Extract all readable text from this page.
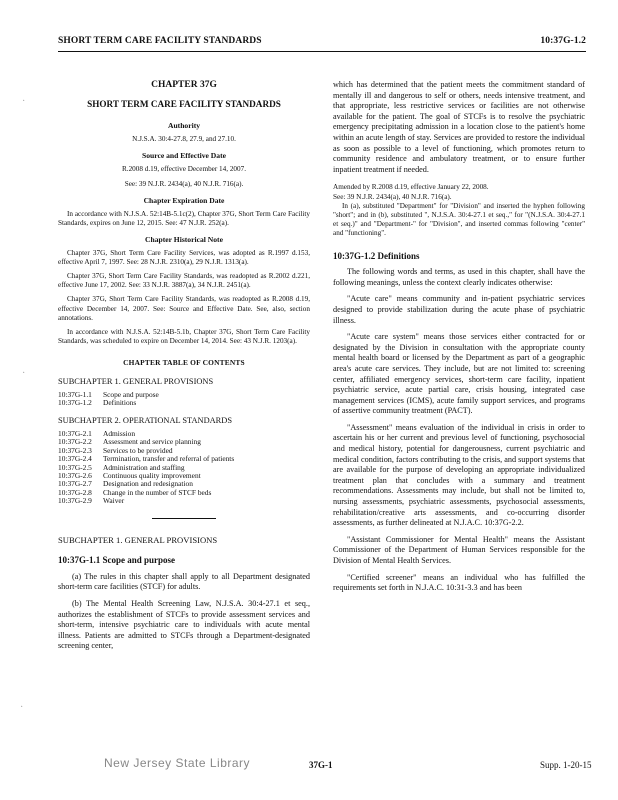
SHORT TERM CARE FACILITY STANDARDS	10:37G-1.2
·
·
·
CHAPTER 37G
SHORT TERM CARE FACILITY STANDARDS
Authority

N.J.S.A. 30:4-27.8, 27.9, and 27.10.

Source and Effective Date

R.2008 d.19, effective December 14, 2007.

See: 39 N.J.R. 2434(a), 40 N.J.R. 716(a).

Chapter Expiration Date

In accordance with N.J.S.A. 52:14B-5.1c(2), Chapter 37G, Short Term Care Facility Standards, expires on June 12, 2015. See: 47 N.J.R. 252(a).

Chapter Historical Note

Chapter 37G, Short Term Care Facility Services, was adopted as R.1997 d.153, effective April 7, 1997. See: 28 N.J.R. 2310(a), 29 N.J.R. 1313(a).

Chapter 37G, Short Term Care Facility Standards, was readopted as R.2002 d.221, effective June 17, 2002. See: 33 N.J.R. 3887(a), 34 N.J.R. 2451(a).

Chapter 37G, Short Term Care Facility Standards, was readopted as R.2008 d.19, effective December 14, 2007. See: Source and Effective Date. See, also, section annotations.

In accordance with N.J.S.A. 52:14B-5.1b, Chapter 37G, Short Term Care Facility Standards, was scheduled to expire on December 14, 2014. See: 43 N.J.R. 1203(a).

CHAPTER TABLE OF CONTENTS
SUBCHAPTER 1. GENERAL PROVISIONS
10:37G-1.1	Scope and purpose
10:37G-1.2	Definitions
SUBCHAPTER 2. OPERATIONAL STANDARDS
10:37G-2.1	Admission
10:37G-2.2	Assessment and service planning
10:37G-2.3	Services to be provided
10:37G-2.4	Termination, transfer and referral of patients
10:37G-2.5	Administration and staffing
10:37G-2.6	Continuous quality improvement
10:37G-2.7	Designation and redesignation
10:37G-2.8	Change in the number of STCF beds
10:37G-2.9	Waiver
SUBCHAPTER 1. GENERAL PROVISIONS
10:37G-1.1 Scope and purpose

(a) The rules in this chapter shall apply to all Department designated short-term care facilities (STCF) for adults.

(b) The Mental Health Screening Law, N.J.S.A. 30:4-27.1 et seq., authorizes the establishment of STCFs to provide assessment services and short-term, intensive psychiatric care to individuals with acute mental illness. Patients are admitted to STCFs through a Department-designated screening center,

which has determined that the patient meets the commitment standard of mentally ill and dangerous to self or others, needs intensive treatment, and that appropriate, less restrictive services or facilities are not otherwise available for the patient. The goal of STCFs is to resolve the psychiatric emergency precipitating admission in a location close to the patient's home within an acute length of stay. Services are provided to restore the individual as soon as possible to a level of functioning, which promotes return to community residence and ambulatory treatment, or to ensure further inpatient treatment if needed.

Amended by R.2008 d.19, effective January 22, 2008.

See: 39 N.J.R. 2434(a), 40 N.J.R. 716(a).

In (a), substituted "Department" for "Division" and inserted the hyphen following "short"; and in (b), substituted ", N.J.S.A. 30:4-27.1 et seq.," for "(N.J.S.A. 30:4-27.1 et seq.)" and "Department-" for "Division", and inserted commas following "center" and "functioning".

10:37G-1.2 Definitions

The following words and terms, as used in this chapter, shall have the following meanings, unless the context clearly indicates otherwise:

"Acute care" means community and in-patient psychiatric services designed to provide stabilization during the acute phase of psychiatric illness.

"Acute care system" means those services either contracted for or designated by the Division in consultation with the appropriate county mental health board or licensed by the Department as part of a geographic area's acute care services. They include, but are not limited to: screening center, affiliated emergency services, short-term care facility, inpatient psychiatric service, acute partial care, crisis housing, integrated case management services (ICMS), acute family support services, and programs of assertive community treatment (PACT).

"Assessment" means evaluation of the individual in crisis in order to ascertain his or her current and previous level of functioning, psychosocial and medical history, potential for dangerousness, current psychiatric and medical condition, factors contributing to the crisis, and support systems that are available for the purpose of developing an appropriate individualized treatment plan that concludes with a summary and treatment recommendations. Assessments may include, but shall not be limited to, nursing assessments, psychiatric assessments, psychosocial assessments, rehabilitation/creative arts assessments, and co-occurring disorder assessments, as further delineated at N.J.A.C. 10:37G-2.2.

"Assistant Commissioner for Mental Health" means the Assistant Commissioner of the Department of Human Services responsible for the Division of Mental Health Services.

"Certified screener" means an individual who has fulfilled the requirements set forth in N.J.A.C. 10:31-3.3 and has been

New Jersey State Library	37G-1	Supp. 1-20-15
